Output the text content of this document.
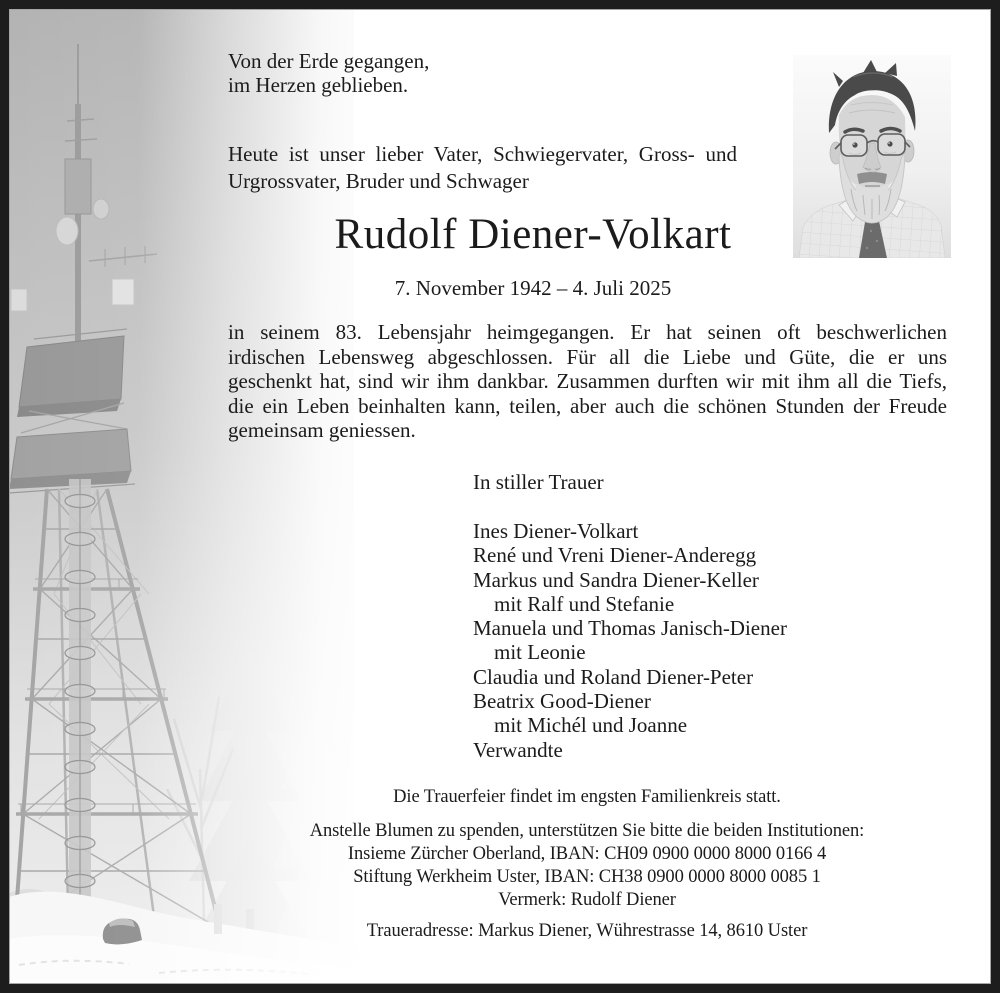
Von der Erde gegangen,
im Herzen geblieben.
Heute ist unser lieber Vater, Schwiegervater, Gross- und
Urgrossvater, Bruder und Schwager
Rudolf Diener-Volkart
7. November 1942 – 4. Juli 2025
in seinem 83. Lebensjahr heimgegangen. Er hat seinen oft beschwerlichen
irdischen Lebensweg abgeschlossen. Für all die Liebe und Güte, die er uns
geschenkt hat, sind wir ihm dankbar. Zusammen durften wir mit ihm all die Tiefs,
die ein Leben beinhalten kann, teilen, aber auch die schönen Stunden der Freude
gemeinsam geniessen.
In stiller Trauer
Ines Diener-Volkart
René und Vreni Diener-Anderegg
Markus und Sandra Diener-Keller
mit Ralf und Stefanie
Manuela und Thomas Janisch-Diener
mit Leonie
Claudia und Roland Diener-Peter
Beatrix Good-Diener
mit Michél und Joanne
Verwandte
Die Trauerfeier findet im engsten Familienkreis statt.
Anstelle Blumen zu spenden, unterstützen Sie bitte die beiden Institutionen:
Insieme Zürcher Oberland, IBAN: CH09 0900 0000 8000 0166 4
Stiftung Werkheim Uster, IBAN: CH38 0900 0000 8000 0085 1
Vermerk: Rudolf Diener
Traueradresse: Markus Diener, Wührestrasse 14, 8610 Uster
